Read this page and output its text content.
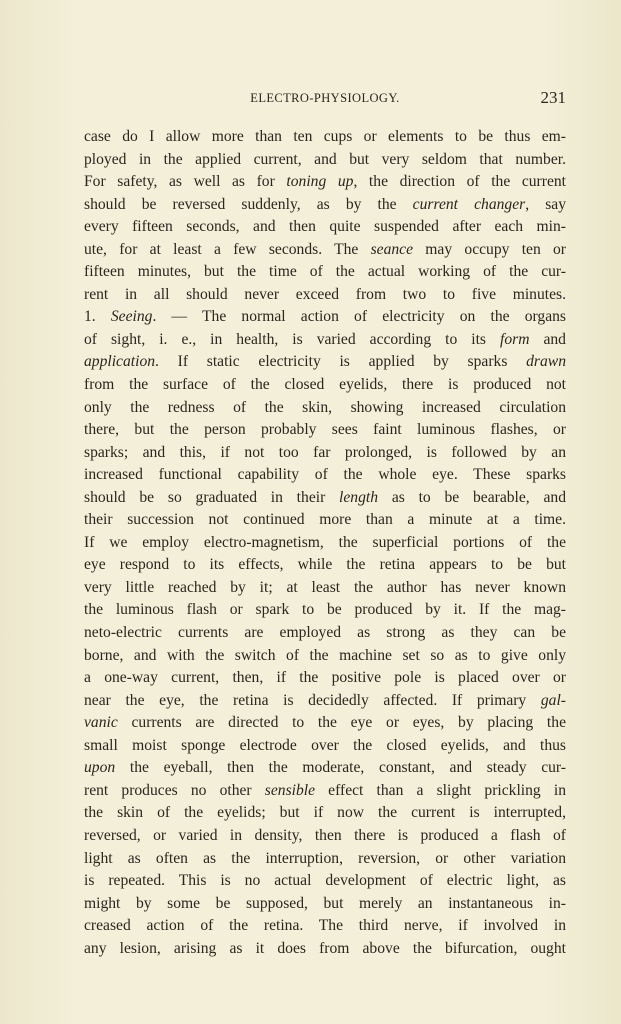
ELECTRO-PHYSIOLOGY.	231

case do I allow more than ten cups or elements to be thus em-
ployed in the applied current, and but very seldom that number.
For safety, as well as for toning up, the direction of the current
should be reversed suddenly, as by the current changer, say
every fifteen seconds, and then quite suspended after each min-
ute, for at least a few seconds. The seance may occupy ten or
fifteen minutes, but the time of the actual working of the cur-
rent in all should never exceed from two to five minutes.
1. Seeing. — The normal action of electricity on the organs
of sight, i. e., in health, is varied according to its form and
application. If static electricity is applied by sparks drawn
from the surface of the closed eyelids, there is produced not
only the redness of the skin, showing increased circulation
there, but the person probably sees faint luminous flashes, or
sparks; and this, if not too far prolonged, is followed by an
increased functional capability of the whole eye. These sparks
should be so graduated in their length as to be bearable, and
their succession not continued more than a minute at a time.
If we employ electro-magnetism, the superficial portions of the
eye respond to its effects, while the retina appears to be but
very little reached by it; at least the author has never known
the luminous flash or spark to be produced by it. If the mag-
neto-electric currents are employed as strong as they can be
borne, and with the switch of the machine set so as to give only
a one-way current, then, if the positive pole is placed over or
near the eye, the retina is decidedly affected. If primary gal-
vanic currents are directed to the eye or eyes, by placing the
small moist sponge electrode over the closed eyelids, and thus
upon the eyeball, then the moderate, constant, and steady cur-
rent produces no other sensible effect than a slight prickling in
the skin of the eyelids; but if now the current is interrupted,
reversed, or varied in density, then there is produced a flash of
light as often as the interruption, reversion, or other variation
is repeated. This is no actual development of electric light, as
might by some be supposed, but merely an instantaneous in-
creased action of the retina. The third nerve, if involved in
any lesion, arising as it does from above the bifurcation, ought
